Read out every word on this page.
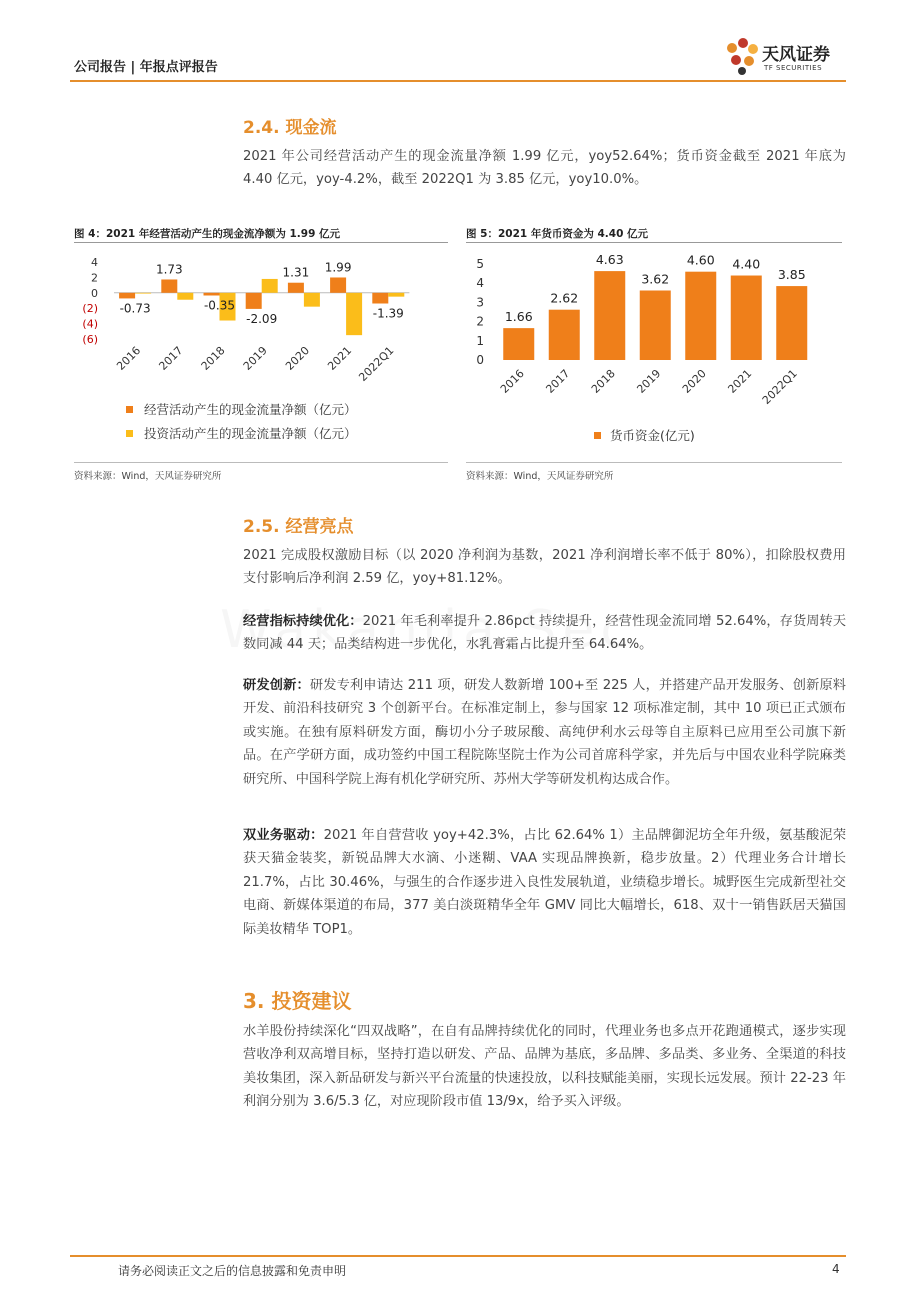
公司报告 | 年报点评报告
天风证券
TF SECURITIES
2.4. 现金流
2021 年公司经营活动产生的现金流量净额 1.99 亿元，yoy52.64%；货币资金截至 2021 年底为 4.40 亿元，yoy-4.2%，截至 2022Q1 为 3.85 亿元，yoy10.0%。
图 4：2021 年经营活动产生的现金流净额为 1.99 亿元
4
2
0
(2)
(4)
(6)
-0.73
2016
1.73
2017
-0.35
2018
-2.09
2019
1.31
2020
1.99
2021
-1.39
2022Q1
经营活动产生的现金流量净额（亿元）
投资活动产生的现金流量净额（亿元）
资料来源：Wind，天风证券研究所
图 5：2021 年货币资金为 4.40 亿元
5
4
3
2
1
0
1.66
2016
2.62
2017
4.63
2018
3.62
2019
4.60
2020
4.40
2021
3.85
2022Q1
货币资金(亿元)
资料来源：Wind，天风证券研究所
2.5. 经营亮点
2021 完成股权激励目标（以 2020 净利润为基数，2021 净利润增长率不低于 80%），扣除股权费用支付影响后净利润 2.59 亿，yoy+81.12%。
经营指标持续优化：2021 年毛利率提升 2.86pct 持续提升，经营性现金流同增 52.64%，存货周转天数同减 44 天；品类结构进一步优化，水乳膏霜占比提升至 64.64%。
研发创新：研发专利申请达 211 项，研发人数新增 100+至 225 人，并搭建产品开发服务、创新原料开发、前沿科技研究 3 个创新平台。在标准定制上，参与国家 12 项标准定制，其中 10 项已正式颁布或实施。在独有原料研发方面，酶切小分子玻尿酸、高纯伊利水云母等自主原料已应用至公司旗下新品。在产学研方面，成功签约中国工程院陈坚院士作为公司首席科学家，并先后与中国农业科学院麻类研究所、中国科学院上海有机化学研究所、苏州大学等研发机构达成合作。
双业务驱动：2021 年自营营收 yoy+42.3%，占比 62.64% 1）主品牌御泥坊全年升级，氨基酸泥荣获天猫金装奖，新锐品牌大水滴、小迷糊、VAA 实现品牌换新，稳步放量。2）代理业务合计增长 21.7%，占比 30.46%，与强生的合作逐步进入良性发展轨道，业绩稳步增长。城野医生完成新型社交电商、新媒体渠道的布局，377 美白淡斑精华全年 GMV 同比大幅增长，618、双十一销售跃居天猫国际美妆精华 TOP1。
3. 投资建议
水羊股份持续深化“四双战略”，在自有品牌持续优化的同时，代理业务也多点开花跑通模式，逐步实现营收净利双高增目标，坚持打造以研发、产品、品牌为基底，多品牌、多品类、多业务、全渠道的科技美妆集团，深入新品研发与新兴平台流量的快速投放，以科技赋能美丽，实现长远发展。预计 22-23 年利润分别为 3.6/5.3 亿，对应现阶段市值 13/9x，给予买入评级。
请务必阅读正文之后的信息披露和免责申明	4
